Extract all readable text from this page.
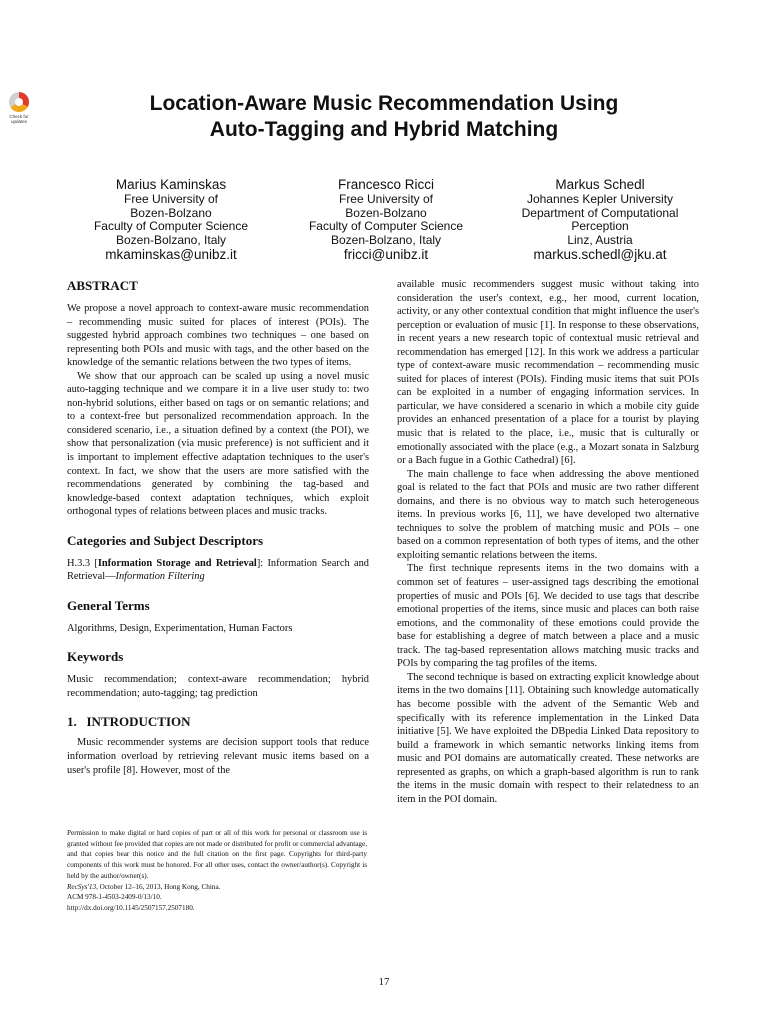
Check for
updates
Location-Aware Music Recommendation Using
Auto-Tagging and Hybrid Matching
Marius Kaminskas
Free University of
Bozen-Bolzano
Faculty of Computer Science
Bozen-Bolzano, Italy
mkaminskas@unibz.it
Francesco Ricci
Free University of
Bozen-Bolzano
Faculty of Computer Science
Bozen-Bolzano, Italy
fricci@unibz.it
Markus Schedl
Johannes Kepler University
Department of Computational
Perception
Linz, Austria
markus.schedl@jku.at
ABSTRACT

We propose a novel approach to context-aware music recommendation – recommending music suited for places of interest (POIs). The suggested hybrid approach combines two techniques – one based on representing both POIs and music with tags, and the other based on the knowledge of the semantic relations between the two types of items.

We show that our approach can be scaled up using a novel music auto-tagging technique and we compare it in a live user study to: two non-hybrid solutions, either based on tags or on semantic relations; and to a context-free but personalized recommendation approach. In the considered scenario, i.e., a situation defined by a context (the POI), we show that personalization (via music preference) is not sufficient and it is important to implement effective adaptation techniques to the user's context. In fact, we show that the users are more satisfied with the recommendations generated by combining the tag-based and knowledge-based context adaptation techniques, which exploit orthogonal types of relations between places and music tracks.

Categories and Subject Descriptors

H.3.3 [Information Storage and Retrieval]: Information Search and Retrieval—Information Filtering

General Terms

Algorithms, Design, Experimentation, Human Factors

Keywords

Music recommendation; context-aware recommendation; hybrid recommendation; auto-tagging; tag prediction

1.   INTRODUCTION

Music recommender systems are decision support tools that reduce information overload by retrieving relevant music items based on a user's profile [8]. However, most of the

Permission to make digital or hard copies of part or all of this work for personal or classroom use is granted without fee provided that copies are not made or distributed for profit or commercial advantage, and that copies bear this notice and the full citation on the first page. Copyrights for third-party components of this work must be honored. For all other uses, contact the owner/author(s). Copyright is held by the author/owner(s).

RecSys'13, October 12–16, 2013, Hong Kong, China.

ACM 978-1-4503-2409-0/13/10.

http://dx.doi.org/10.1145/2507157.2507180.

available music recommenders suggest music without taking into consideration the user's context, e.g., her mood, current location, activity, or any other contextual condition that might influence the user's perception or evaluation of music [1]. In response to these observations, in recent years a new research topic of contextual music retrieval and recommendation has emerged [12]. In this work we address a particular type of context-aware music recommendation – recommending music suited for places of interest (POIs). Finding music items that suit POIs can be exploited in a number of engaging information services. In particular, we have considered a scenario in which a mobile city guide provides an enhanced presentation of a place for a tourist by playing music that is related to the place, i.e., music that is culturally or emotionally associated with the place (e.g., a Mozart sonata in Salzburg or a Bach fugue in a Gothic Cathedral) [6].

The main challenge to face when addressing the above mentioned goal is related to the fact that POIs and music are two rather different domains, and there is no obvious way to match such heterogeneous items. In previous works [6, 11], we have developed two alternative techniques to solve the problem of matching music and POIs – one based on a common representation of both types of items, and the other exploiting semantic relations between the items.

The first technique represents items in the two domains with a common set of features – user-assigned tags describing the emotional properties of music and POIs [6]. We decided to use tags that describe emotional properties of the items, since music and places can both raise emotions, and the commonality of these emotions could provide the base for establishing a degree of match between a place and a music track. The tag-based representation allows matching music tracks and POIs by comparing the tag profiles of the items.

The second technique is based on extracting explicit knowledge about items in the two domains [11]. Obtaining such knowledge automatically has become possible with the advent of the Semantic Web and specifically with its reference implementation in the Linked Data initiative [5]. We have exploited the DBpedia Linked Data repository to build a framework in which semantic networks linking items from music and POI domains are automatically created. These networks are represented as graphs, on which a graph-based algorithm is run to rank the items in the music domain with respect to their relatedness to an item in the POI domain.

17
